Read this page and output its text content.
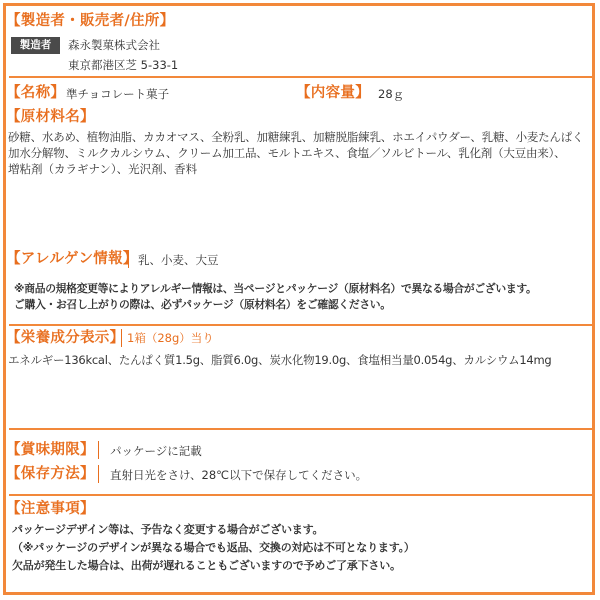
【製造者・販売者/住所】
製造者	森永製菓株式会社
東京都港区芝 5-33-1
【名称】 準チョコレート菓子	【内容量】 28ｇ
【原材料名】
砂糖、水あめ、植物油脂、カカオマス、全粉乳、加糖練乳、加糖脱脂練乳、ホエイパウダー、乳糖、小麦たんぱく
加水分解物、ミルクカルシウム、クリーム加工品、モルトエキス、食塩／ソルビトール、乳化剤（大豆由来）、
増粘剤（カラギナン）、光沢剤、香料
【アレルゲン情報】 乳、小麦、大豆
※商品の規格変更等によりアレルギー情報は、当ページとパッケージ（原材料名）で異なる場合がございます。
ご購入・お召し上がりの際は、必ずパッケージ（原材料名）をご確認ください。
【栄養成分表示】 1箱（28g）当り
エネルギー136kcal、たんぱく質1.5g、脂質6.0g、炭水化物19.0g、食塩相当量0.054g、カルシウム14mg
【賞味期限】 パッケージに記載
【保存方法】 直射日光をさけ、28℃以下で保存してください。
【注意事項】
パッケージデザイン等は、予告なく変更する場合がございます。
（※パッケージのデザインが異なる場合でも返品、交換の対応は不可となります。）
欠品が発生した場合は、出荷が遅れることもございますので予めご了承下さい。
